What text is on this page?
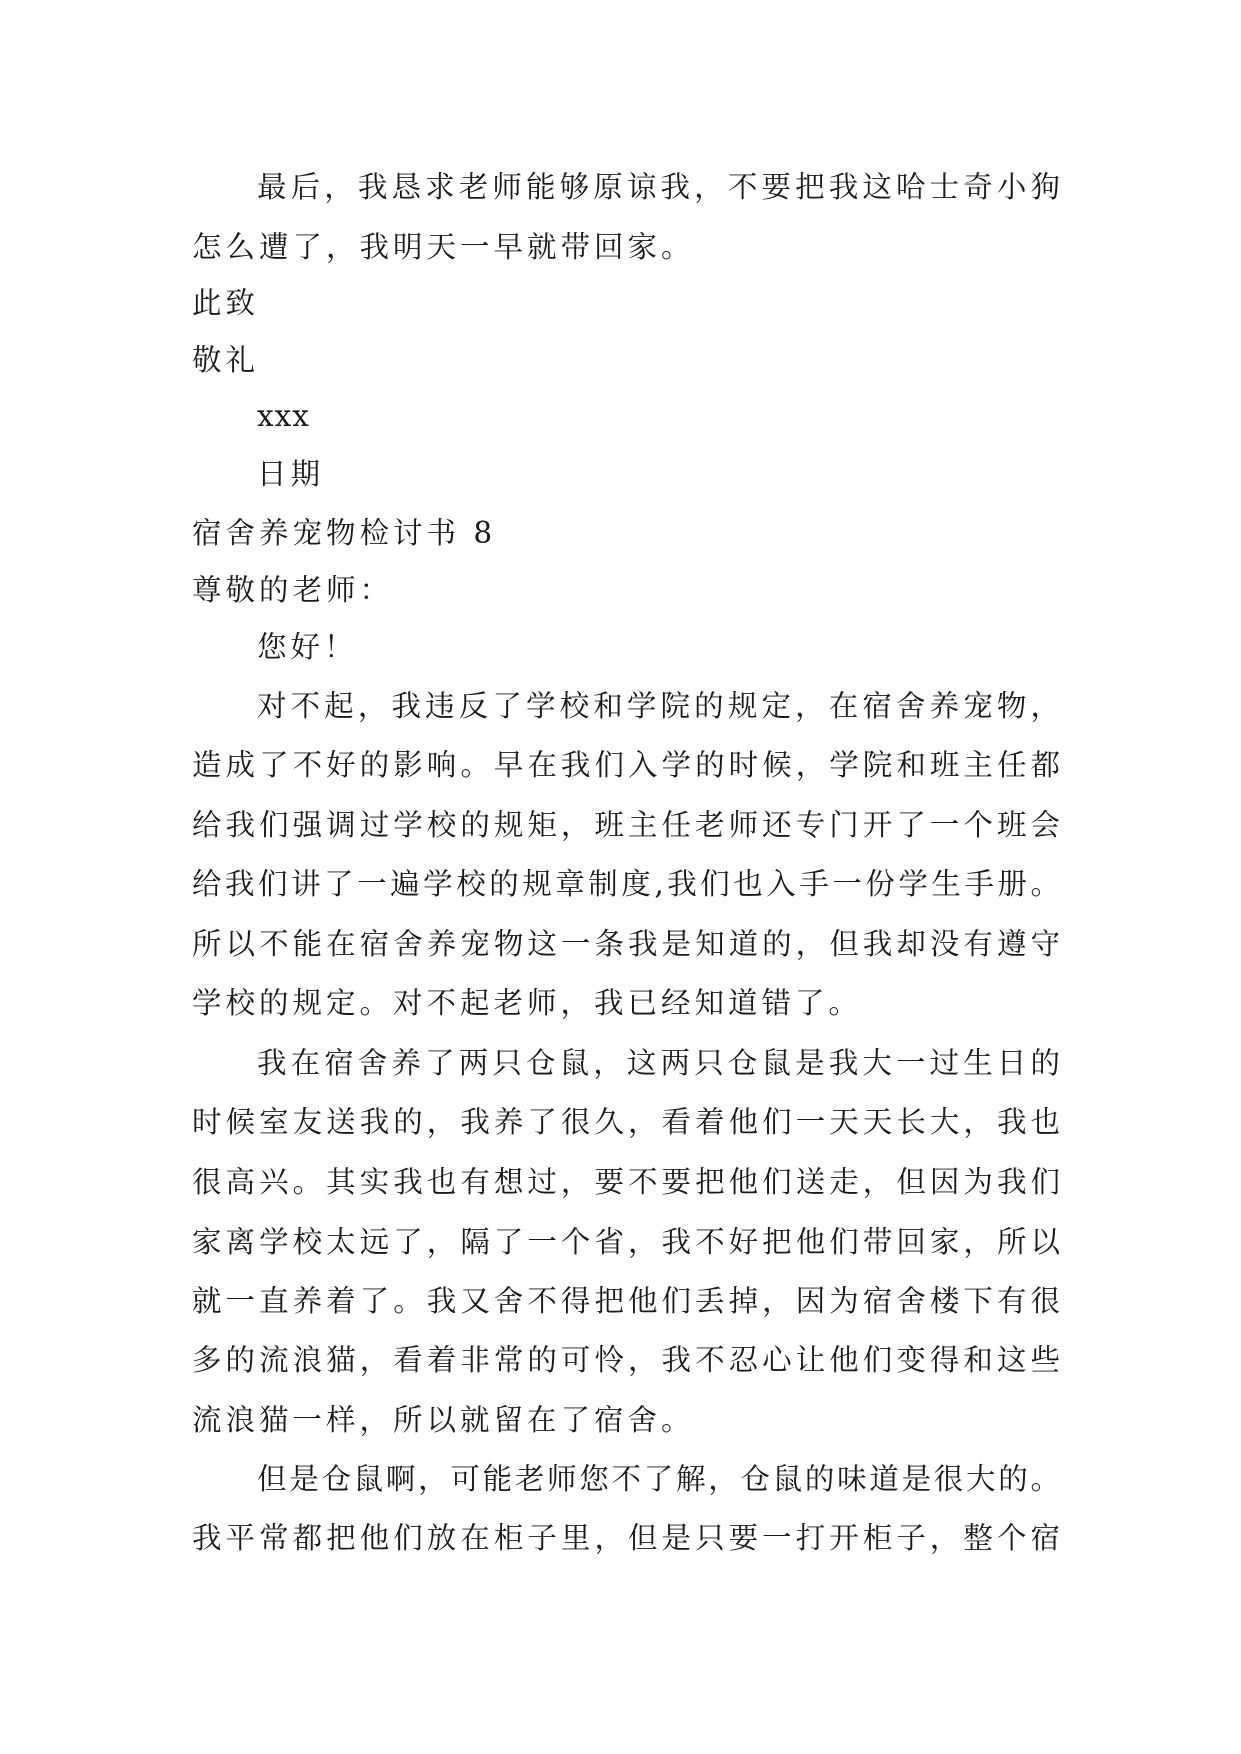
最后，我恳求老师能够原谅我，不要把我这哈士奇小狗
怎么遭了，我明天一早就带回家。
此致
敬礼
xxx
日期
宿舍养宠物检讨书 8
尊敬的老师：
您好！
对不起，我违反了学校和学院的规定，在宿舍养宠物，
造成了不好的影响。早在我们入学的时候，学院和班主任都
给我们强调过学校的规矩，班主任老师还专门开了一个班会
给我们讲了一遍学校的规章制度,我们也入手一份学生手册。
所以不能在宿舍养宠物这一条我是知道的，但我却没有遵守
学校的规定。对不起老师，我已经知道错了。
我在宿舍养了两只仓鼠，这两只仓鼠是我大一过生日的
时候室友送我的，我养了很久，看着他们一天天长大，我也
很高兴。其实我也有想过，要不要把他们送走，但因为我们
家离学校太远了，隔了一个省，我不好把他们带回家，所以
就一直养着了。我又舍不得把他们丢掉，因为宿舍楼下有很
多的流浪猫，看着非常的可怜，我不忍心让他们变得和这些
流浪猫一样，所以就留在了宿舍。
但是仓鼠啊，可能老师您不了解，仓鼠的味道是很大的。
我平常都把他们放在柜子里，但是只要一打开柜子，整个宿
